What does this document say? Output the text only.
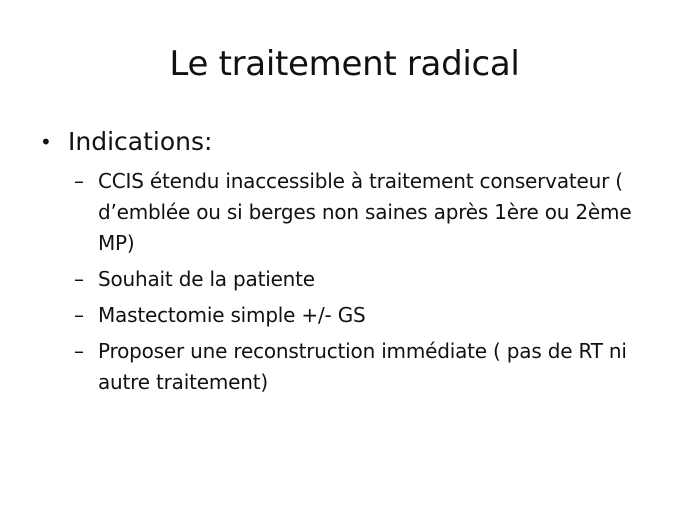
Le traitement radical
• Indications:
– CCIS étendu inaccessible à traitement conservateur ( d’emblée ou si berges non saines après 1ère ou 2ème MP)
– Souhait de la patiente
– Mastectomie simple +/- GS
– Proposer une reconstruction immédiate ( pas de RT ni autre traitement)
